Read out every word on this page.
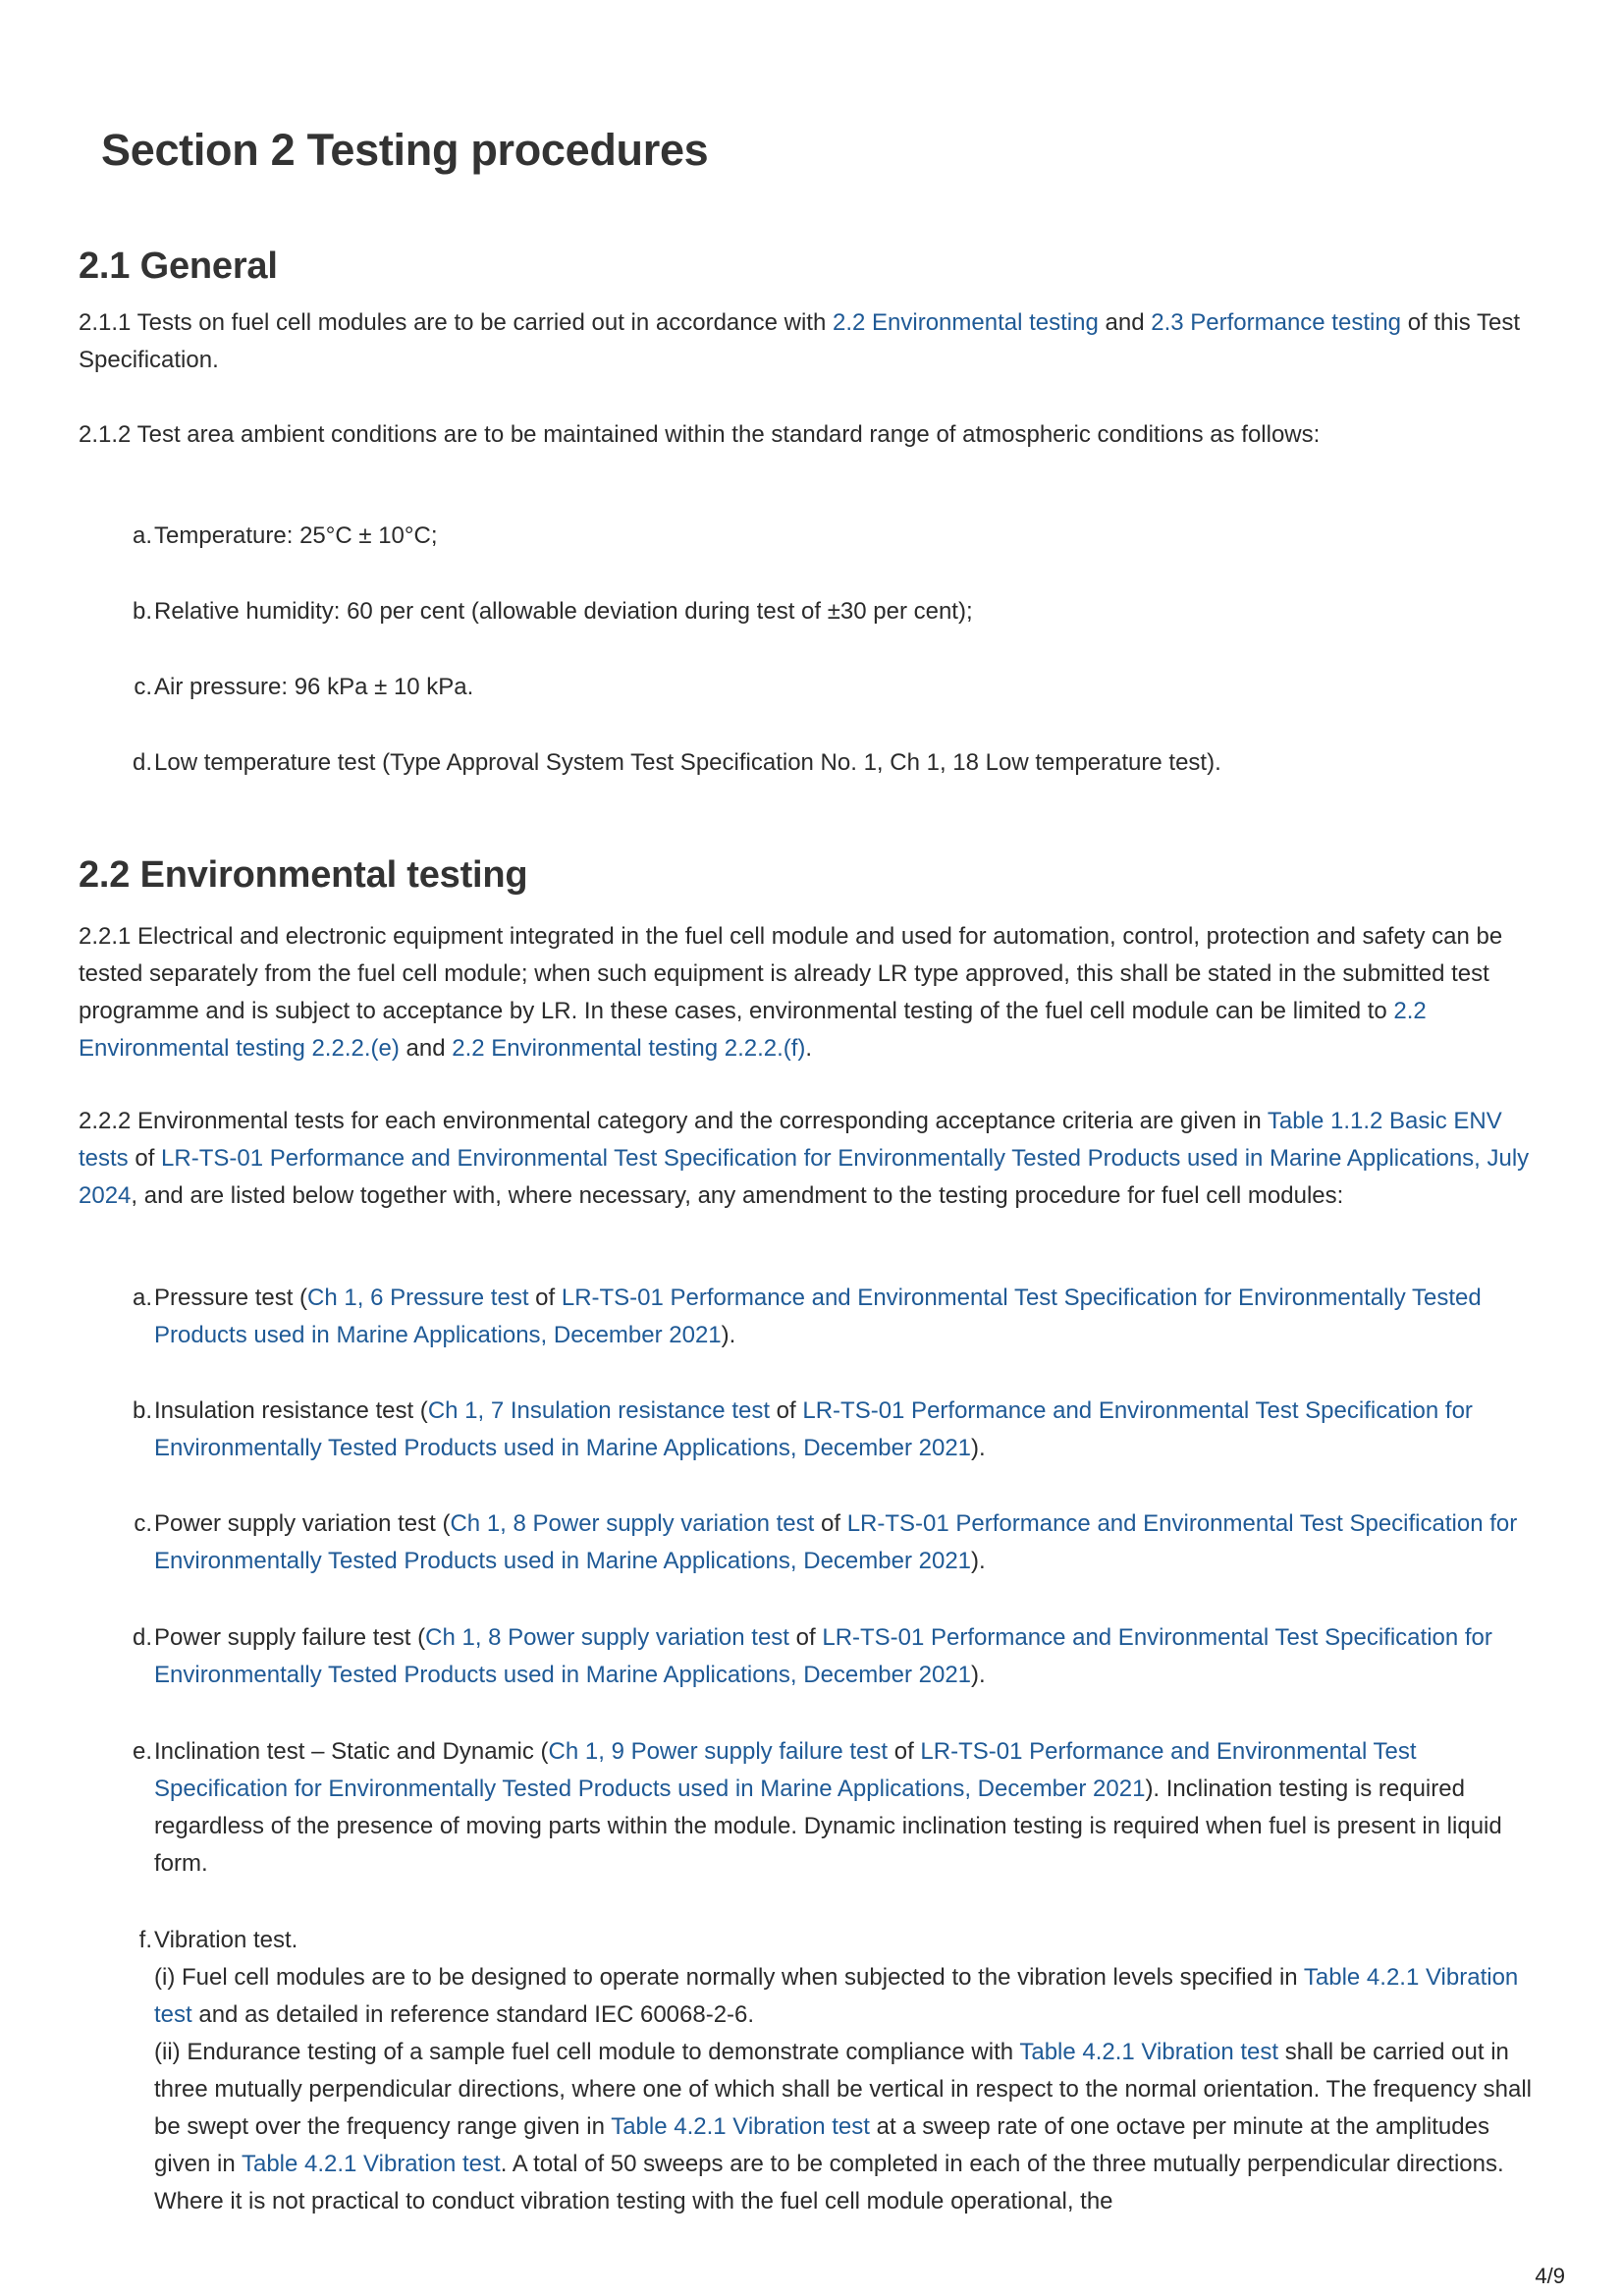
Section 2 Testing procedures
2.1 General

2.1.1 Tests on fuel cell modules are to be carried out in accordance with 2.2 Environmental testing and 2.3 Performance testing of this Test Specification.

2.1.2 Test area ambient conditions are to be maintained within the standard range of atmospheric conditions as follows:

a. Temperature: 25°C ± 10°C;

b. Relative humidity: 60 per cent (allowable deviation during test of ±30 per cent);

c. Air pressure: 96 kPa ± 10 kPa.

d. Low temperature test (Type Approval System Test Specification No. 1, Ch 1, 18 Low temperature test).

2.2 Environmental testing

2.2.1 Electrical and electronic equipment integrated in the fuel cell module and used for automation, control, protection and safety can be tested separately from the fuel cell module; when such equipment is already LR type approved, this shall be stated in the submitted test programme and is subject to acceptance by LR. In these cases, environmental testing of the fuel cell module can be limited to 2.2 Environmental testing 2.2.2.(e) and 2.2 Environmental testing 2.2.2.(f).

2.2.2 Environmental tests for each environmental category and the corresponding acceptance criteria are given in Table 1.1.2 Basic ENV tests of LR-TS-01 Performance and Environmental Test Specification for Environmentally Tested Products used in Marine Applications, July 2024, and are listed below together with, where necessary, any amendment to the testing procedure for fuel cell modules:

a. Pressure test (Ch 1, 6 Pressure test of LR-TS-01 Performance and Environmental Test Specification for Environmentally Tested Products used in Marine Applications, December 2021).

b. Insulation resistance test (Ch 1, 7 Insulation resistance test of LR-TS-01 Performance and Environmental Test Specification for Environmentally Tested Products used in Marine Applications, December 2021).

c. Power supply variation test (Ch 1, 8 Power supply variation test of LR-TS-01 Performance and Environmental Test Specification for Environmentally Tested Products used in Marine Applications, December 2021).

d. Power supply failure test (Ch 1, 8 Power supply variation test of LR-TS-01 Performance and Environmental Test Specification for Environmentally Tested Products used in Marine Applications, December 2021).

e. Inclination test – Static and Dynamic (Ch 1, 9 Power supply failure test of LR-TS-01 Performance and Environmental Test Specification for Environmentally Tested Products used in Marine Applications, December 2021). Inclination testing is required regardless of the presence of moving parts within the module. Dynamic inclination testing is required when fuel is present in liquid form.

f. Vibration test.
(i) Fuel cell modules are to be designed to operate normally when subjected to the vibration levels specified in Table 4.2.1 Vibration test and as detailed in reference standard IEC 60068-2-6.
(ii) Endurance testing of a sample fuel cell module to demonstrate compliance with Table 4.2.1 Vibration test shall be carried out in three mutually perpendicular directions, where one of which shall be vertical in respect to the normal orientation. The frequency shall be swept over the frequency range given in Table 4.2.1 Vibration test at a sweep rate of one octave per minute at the amplitudes given in Table 4.2.1 Vibration test. A total of 50 sweeps are to be completed in each of the three mutually perpendicular directions. Where it is not practical to conduct vibration testing with the fuel cell module operational, the
4/9
